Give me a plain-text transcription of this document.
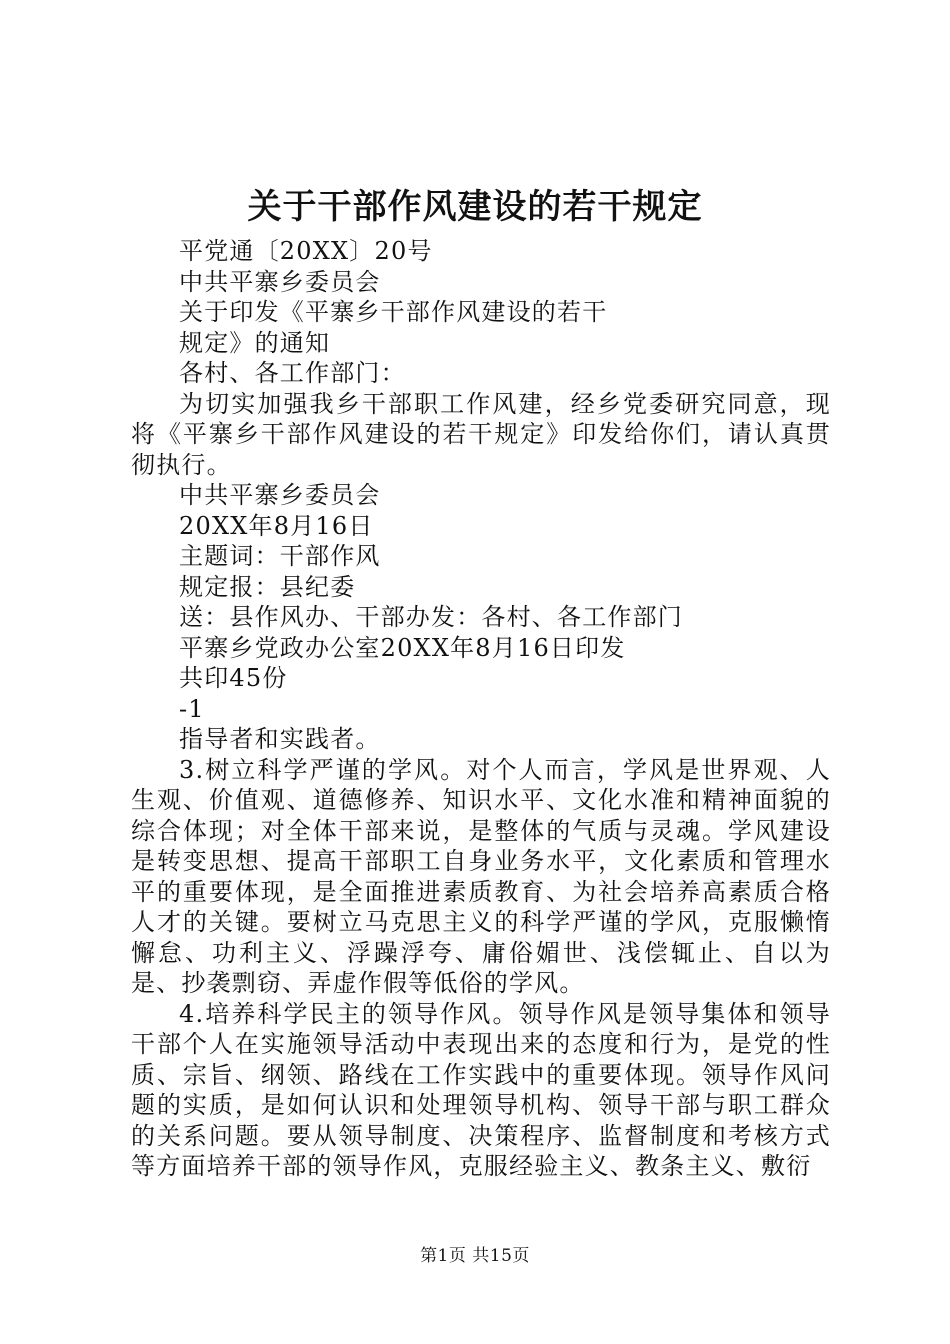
关于干部作风建设的若干规定
平党通〔20XX〕20号
中共平寨乡委员会
关于印发《平寨乡干部作风建设的若干
规定》的通知
各村、各工作部门：

为切实加强我乡干部职工作风建，经乡党委研究同意，现将《平寨乡干部作风建设的若干规定》印发给你们，请认真贯彻执行。

中共平寨乡委员会
20XX年8月16日
主题词：干部作风
规定报：县纪委
送：县作风办、干部办发：各村、各工作部门
平寨乡党政办公室20XX年8月16日印发
共印45份
-1
指导者和实践者。

3.树立科学严谨的学风。对个人而言，学风是世界观、人生观、价值观、道德修养、知识水平、文化水准和精神面貌的综合体现；对全体干部来说，是整体的气质与灵魂。学风建设是转变思想、提高干部职工自身业务水平，文化素质和管理水平的重要体现，是全面推进素质教育、为社会培养高素质合格人才的关键。要树立马克思主义的科学严谨的学风，克服懒惰懈怠、功利主义、浮躁浮夸、庸俗媚世、浅偿辄止、自以为是、抄袭剽窃、弄虚作假等低俗的学风。

4.培养科学民主的领导作风。领导作风是领导集体和领导干部个人在实施领导活动中表现出来的态度和行为，是党的性质、宗旨、纲领、路线在工作实践中的重要体现。领导作风问题的实质，是如何认识和处理领导机构、领导干部与职工群众的关系问题。要从领导制度、决策程序、监督制度和考核方式等方面培养干部的领导作风，克服经验主义、教条主义、敷衍

第1页 共15页
